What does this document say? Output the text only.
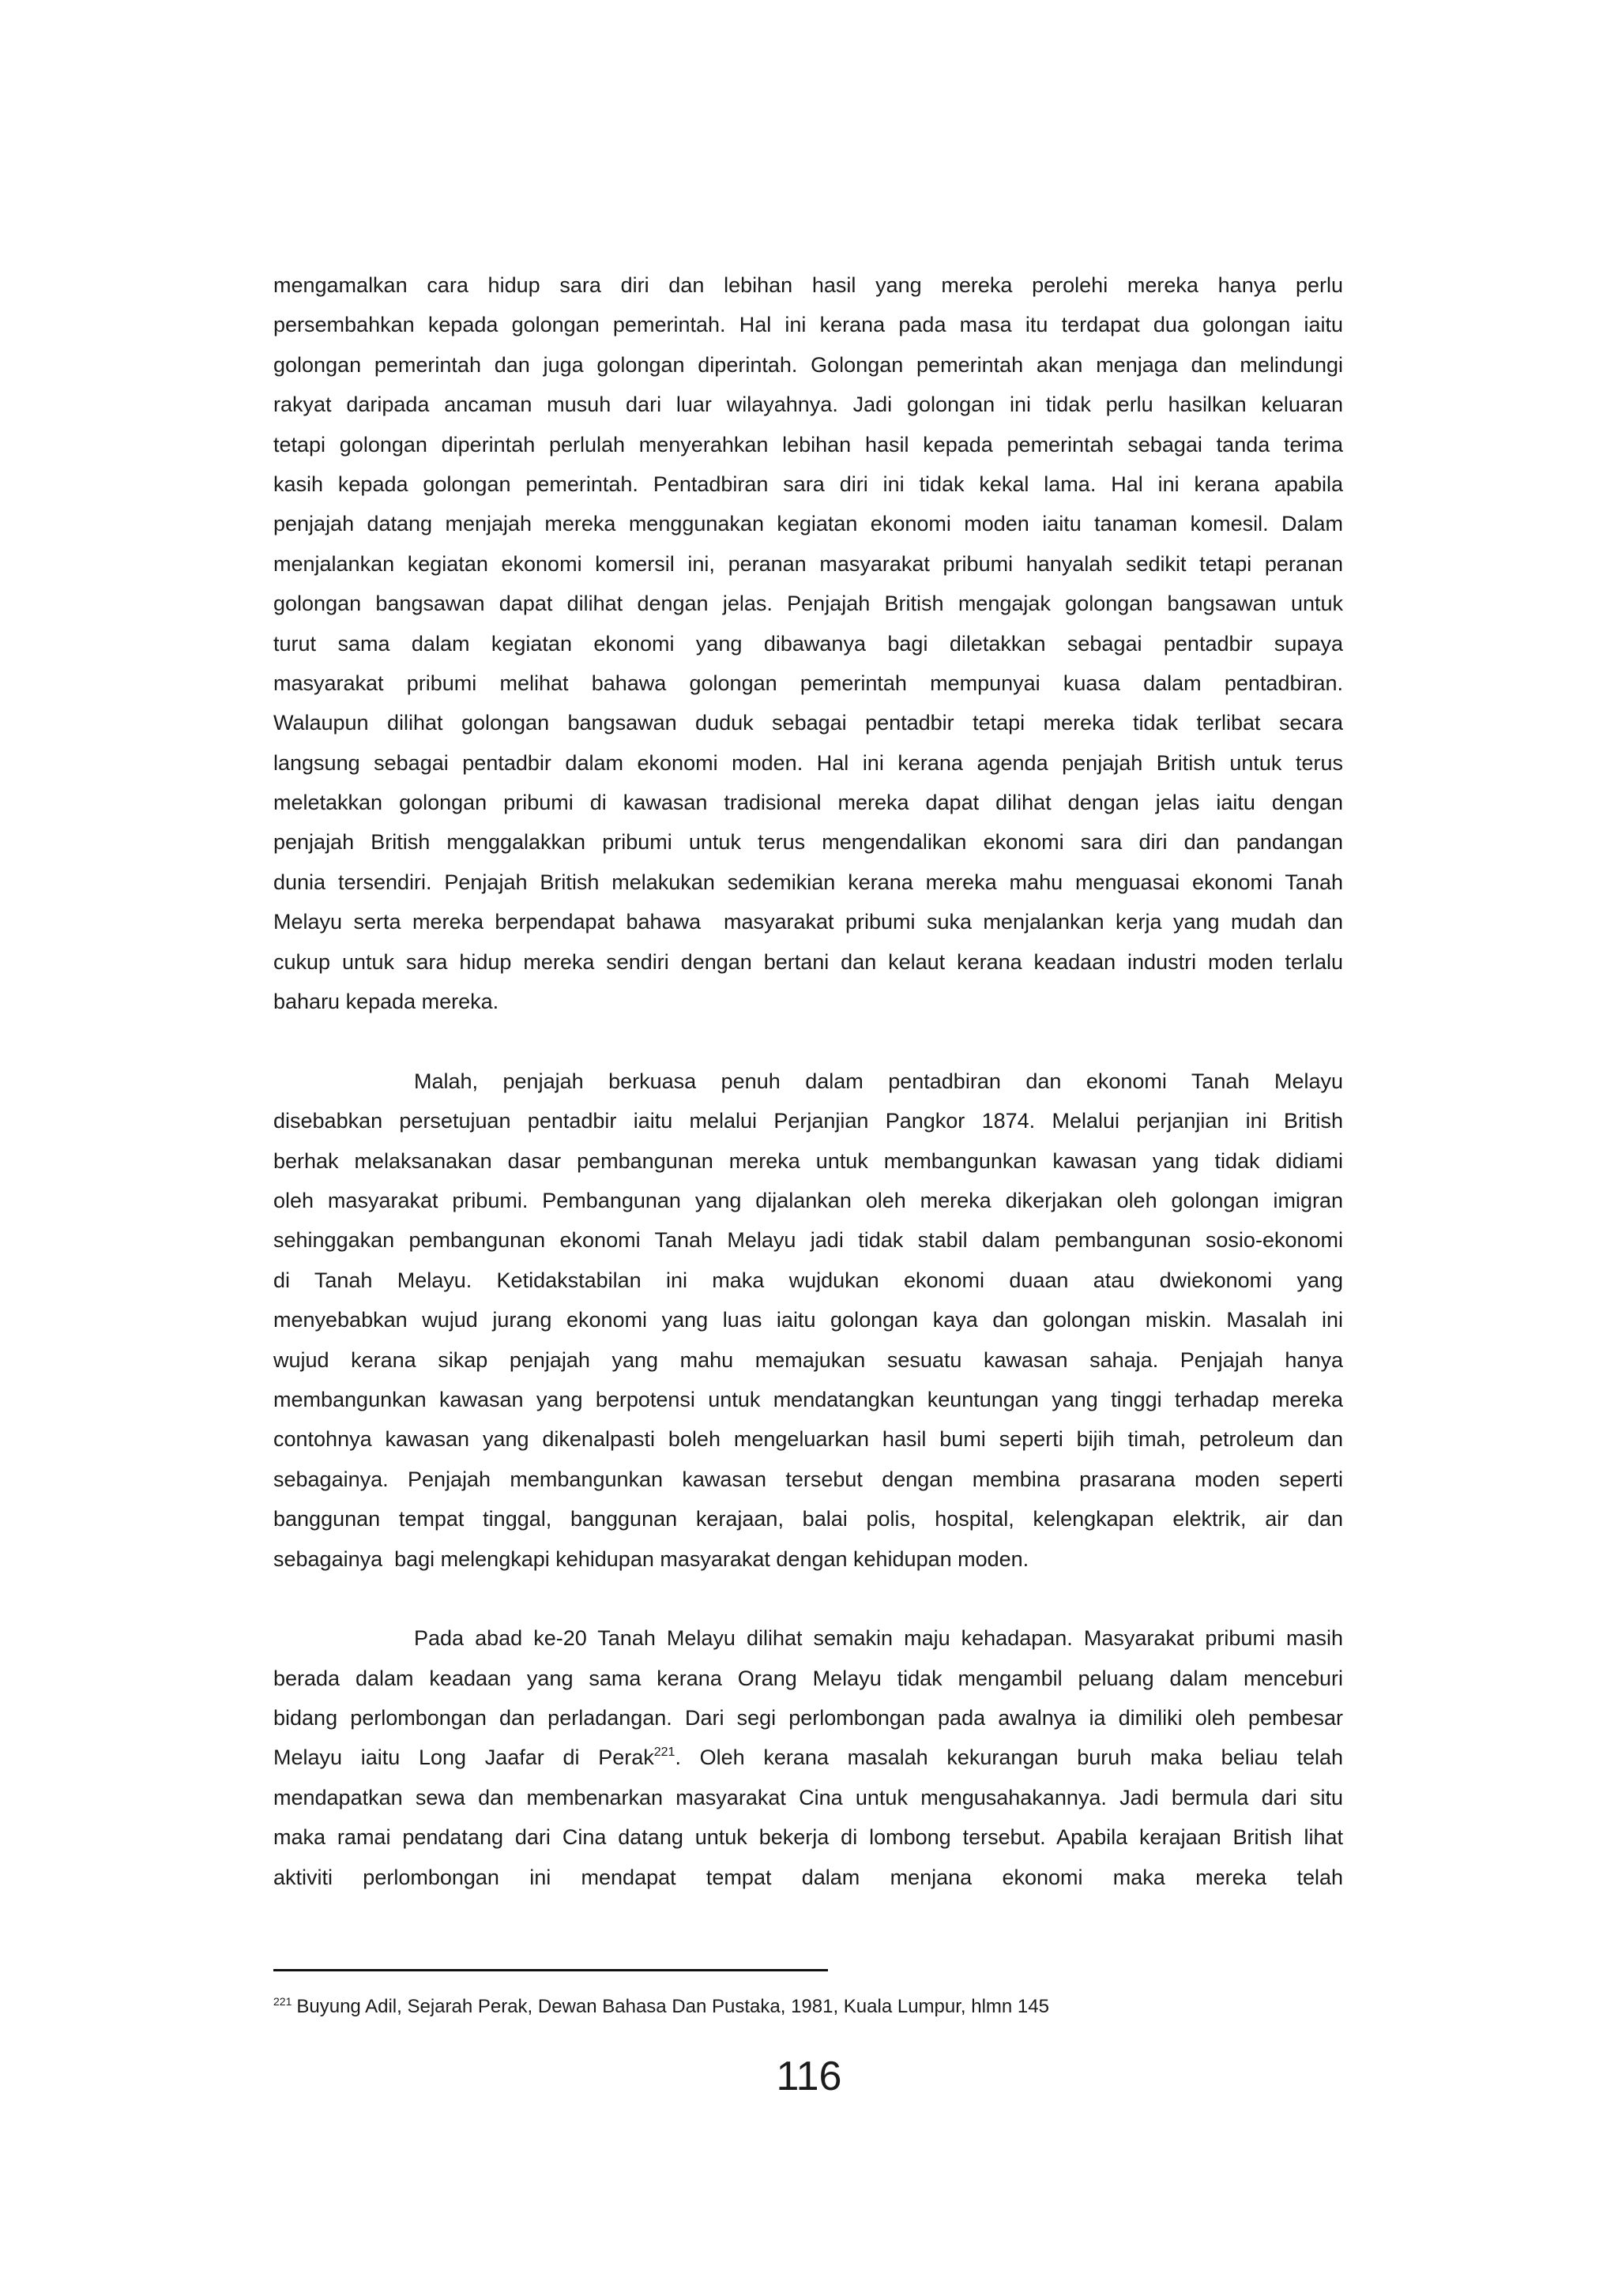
mengamalkan cara hidup sara diri dan lebihan hasil yang mereka perolehi mereka hanya perlu
persembahkan kepada golongan pemerintah. Hal ini kerana pada masa itu terdapat dua golongan iaitu
golongan pemerintah dan juga golongan diperintah. Golongan pemerintah akan menjaga dan melindungi
rakyat daripada ancaman musuh dari luar wilayahnya. Jadi golongan ini tidak perlu hasilkan keluaran
tetapi golongan diperintah perlulah menyerahkan lebihan hasil kepada pemerintah sebagai tanda terima
kasih kepada golongan pemerintah. Pentadbiran sara diri ini tidak kekal lama. Hal ini kerana apabila
penjajah datang menjajah mereka menggunakan kegiatan ekonomi moden iaitu tanaman komesil. Dalam
menjalankan kegiatan ekonomi komersil ini, peranan masyarakat pribumi hanyalah sedikit tetapi peranan
golongan bangsawan dapat dilihat dengan jelas. Penjajah British mengajak golongan bangsawan untuk
turut sama dalam kegiatan ekonomi yang dibawanya bagi diletakkan sebagai pentadbir supaya
masyarakat pribumi melihat bahawa golongan pemerintah mempunyai kuasa dalam pentadbiran.
Walaupun dilihat golongan bangsawan duduk sebagai pentadbir tetapi mereka tidak terlibat secara
langsung sebagai pentadbir dalam ekonomi moden. Hal ini kerana agenda penjajah British untuk terus
meletakkan golongan pribumi di kawasan tradisional mereka dapat dilihat dengan jelas iaitu dengan
penjajah British menggalakkan pribumi untuk terus mengendalikan ekonomi sara diri dan pandangan
dunia tersendiri. Penjajah British melakukan sedemikian kerana mereka mahu menguasai ekonomi Tanah
Melayu serta mereka berpendapat bahawa  masyarakat pribumi suka menjalankan kerja yang mudah dan
cukup untuk sara hidup mereka sendiri dengan bertani dan kelaut kerana keadaan industri moden terlalu
baharu kepada mereka.
Malah, penjajah berkuasa penuh dalam pentadbiran dan ekonomi Tanah Melayu
disebabkan persetujuan pentadbir iaitu melalui Perjanjian Pangkor 1874. Melalui perjanjian ini British
berhak melaksanakan dasar pembangunan mereka untuk membangunkan kawasan yang tidak didiami
oleh masyarakat pribumi. Pembangunan yang dijalankan oleh mereka dikerjakan oleh golongan imigran
sehinggakan pembangunan ekonomi Tanah Melayu jadi tidak stabil dalam pembangunan sosio-ekonomi
di Tanah Melayu. Ketidakstabilan ini maka wujdukan ekonomi duaan atau dwiekonomi yang
menyebabkan wujud jurang ekonomi yang luas iaitu golongan kaya dan golongan miskin. Masalah ini
wujud kerana sikap penjajah yang mahu memajukan sesuatu kawasan sahaja. Penjajah hanya
membangunkan kawasan yang berpotensi untuk mendatangkan keuntungan yang tinggi terhadap mereka
contohnya kawasan yang dikenalpasti boleh mengeluarkan hasil bumi seperti bijih timah, petroleum dan
sebagainya. Penjajah membangunkan kawasan tersebut dengan membina prasarana moden seperti
banggunan tempat tinggal, banggunan kerajaan, balai polis, hospital, kelengkapan elektrik, air dan
sebagainya  bagi melengkapi kehidupan masyarakat dengan kehidupan moden.
Pada abad ke-20 Tanah Melayu dilihat semakin maju kehadapan. Masyarakat pribumi masih
berada dalam keadaan yang sama kerana Orang Melayu tidak mengambil peluang dalam menceburi
bidang perlombongan dan perladangan. Dari segi perlombongan pada awalnya ia dimiliki oleh pembesar
Melayu iaitu Long Jaafar di Perak$^{221}$. Oleh kerana masalah kekurangan buruh maka beliau telah
mendapatkan sewa dan membenarkan masyarakat Cina untuk mengusahakannya. Jadi bermula dari situ
maka ramai pendatang dari Cina datang untuk bekerja di lombong tersebut. Apabila kerajaan British lihat
aktiviti perlombongan ini mendapat tempat dalam menjana ekonomi maka mereka telah
$^{221}$ Buyung Adil, Sejarah Perak, Dewan Bahasa Dan Pustaka, 1981, Kuala Lumpur, hlmn 145
116
